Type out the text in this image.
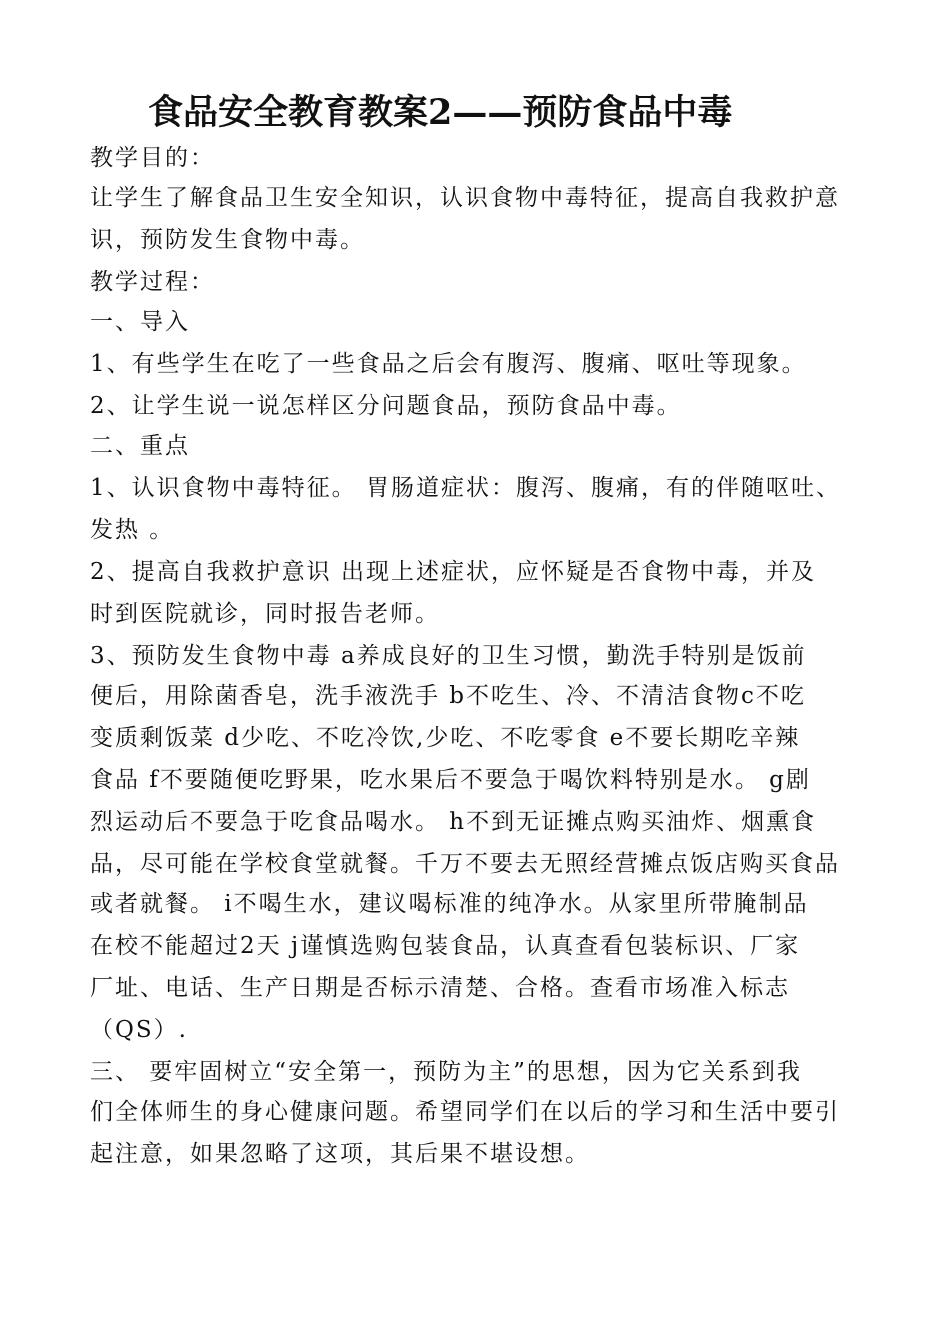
食品安全教育教案2——预防食品中毒
教学目的：
让学生了解食品卫生安全知识，认识食物中毒特征，提高自我救护意
识，预防发生食物中毒。
教学过程：
一、导入
1、有些学生在吃了一些食品之后会有腹泻、腹痛、呕吐等现象。
2、让学生说一说怎样区分问题食品，预防食品中毒。
二、重点
1、认识食物中毒特征。 胃肠道症状：腹泻、腹痛，有的伴随呕吐、
发热 。
2、提高自我救护意识 出现上述症状，应怀疑是否食物中毒，并及
时到医院就诊，同时报告老师。
3、预防发生食物中毒 a养成良好的卫生习惯，勤洗手特别是饭前
便后，用除菌香皂，洗手液洗手 b不吃生、冷、不清洁食物c不吃
变质剩饭菜 d少吃、不吃冷饮,少吃、不吃零食 e不要长期吃辛辣
食品 f不要随便吃野果，吃水果后不要急于喝饮料特别是水。 g剧
烈运动后不要急于吃食品喝水。 h不到无证摊点购买油炸、烟熏食
品，尽可能在学校食堂就餐。千万不要去无照经营摊点饭店购买食品
或者就餐。 i不喝生水，建议喝标准的纯净水。从家里所带腌制品
在校不能超过2天 j谨慎选购包装食品，认真查看包装标识、厂家
厂址、电话、生产日期是否标示清楚、合格。查看市场准入标志
（QS）.
三、 要牢固树立“安全第一，预防为主”的思想，因为它关系到我
们全体师生的身心健康问题。希望同学们在以后的学习和生活中要引
起注意，如果忽略了这项，其后果不堪设想。
